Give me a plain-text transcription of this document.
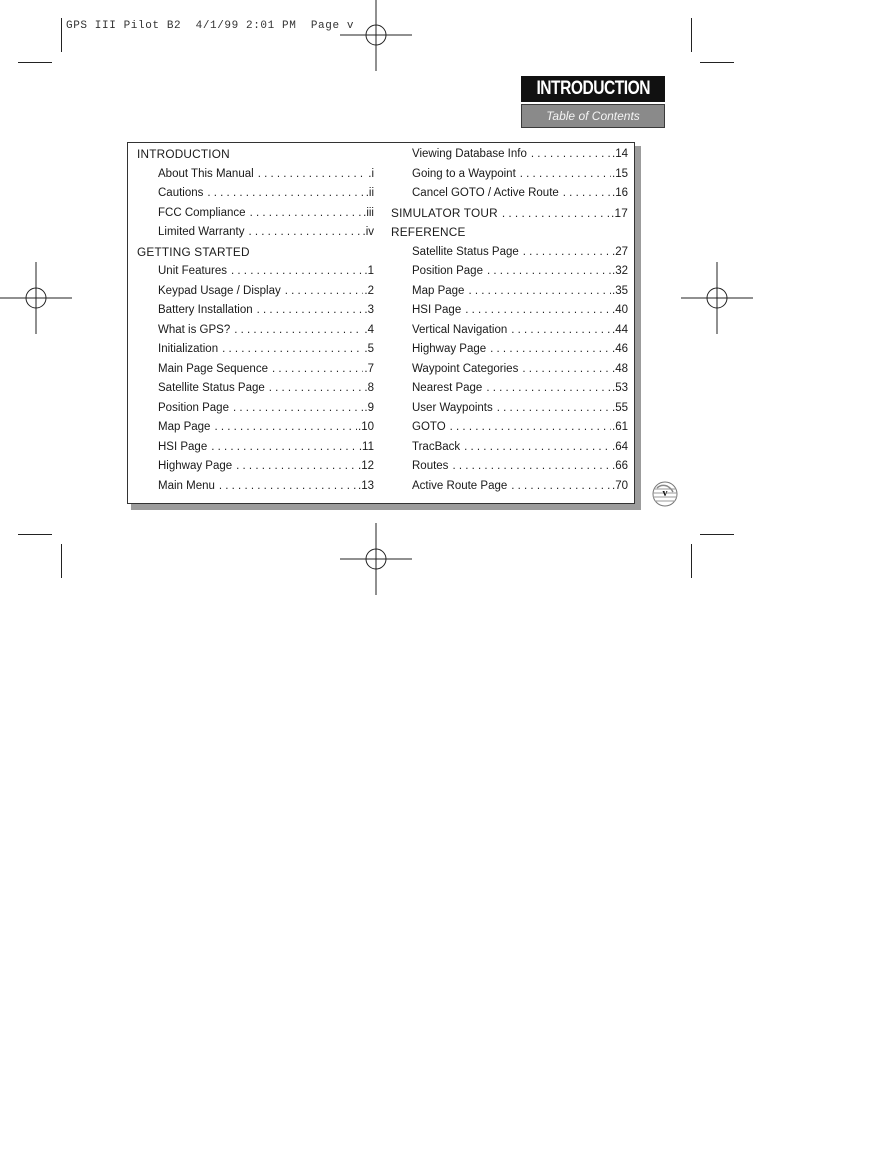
GPS III Pilot B2  4/1/99 2:01 PM  Page v
INTRODUCTION
Table of Contents
INTRODUCTION
About This Manual . . .	.i
Cautions . . .	.ii
FCC Compliance . . .	.iii
Limited Warranty . . .	.iv
GETTING STARTED
Unit Features . . .	.1
Keypad Usage / Display . . .	.2
Battery Installation . . .	.3
What is GPS? . . .	.4
Initialization . . .	.5
Main Page Sequence . . .	.7
Satellite Status Page . . .	.8
Position Page . . .	.9
Map Page . . .	.10
HSI Page . . .	.11
Highway Page . . .	.12
Main Menu . . .	.13
Viewing Database Info . . .	.14
Going to a Waypoint . . .	.15
Cancel GOTO / Active Route . . .	.16
SIMULATOR TOUR . . .	.17
REFERENCE
Satellite Status Page . . .	.27
Position Page . . .	.32
Map Page . . .	.35
HSI Page . . .	.40
Vertical Navigation . . .	.44
Highway Page . . .	.46
Waypoint Categories . . .	.48
Nearest Page . . .	.53
User Waypoints . . .	.55
GOTO . . .	.61
TracBack . . .	.64
Routes . . .	.66
Active Route Page . . .	.70
v
